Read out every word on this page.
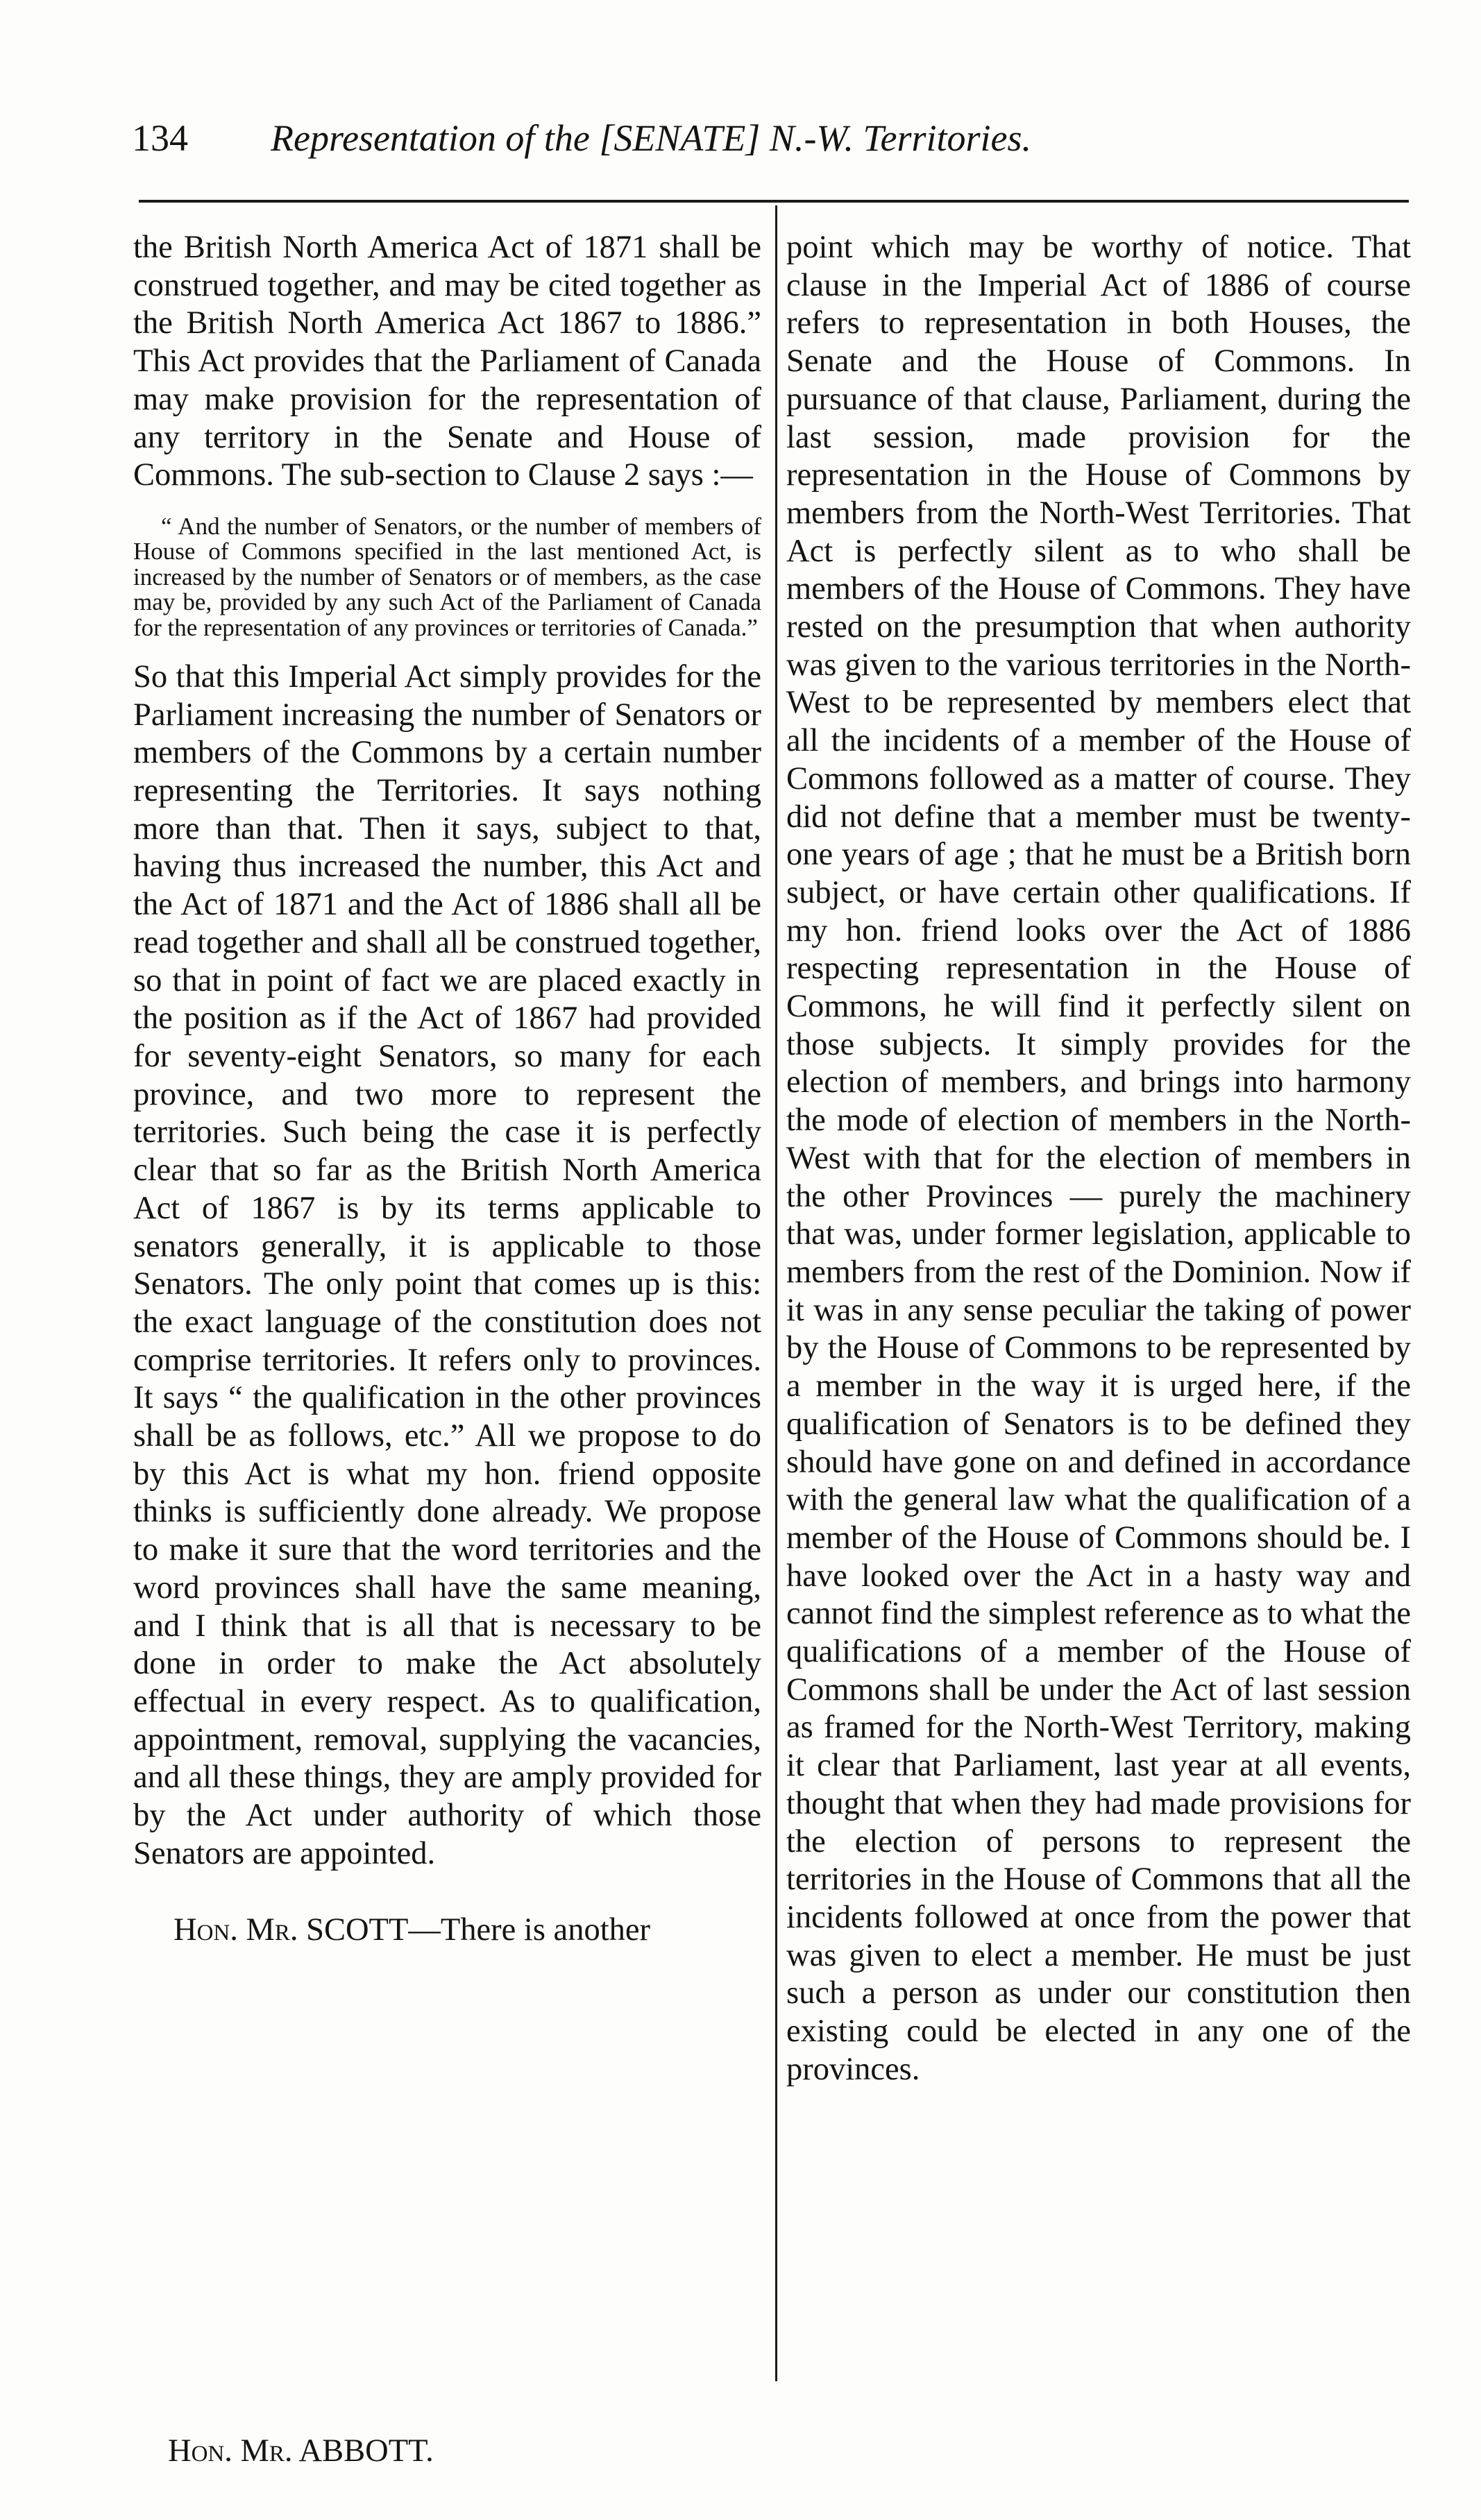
134 Representation of the [SENATE] N.-W. Territories.

the British North America Act of 1871 shall be construed together, and may be cited together as the British North America Act 1867 to 1886.” This Act provides that the Parliament of Canada may make provision for the representation of any territory in the Senate and House of Commons. The sub-section to Clause 2 says :—

“ And the number of Senators, or the number of members of House of Commons specified in the last mentioned Act, is increased by the number of Senators or of members, as the case may be, provided by any such Act of the Parliament of Canada for the representation of any provinces or territories of Canada.”

So that this Imperial Act simply provides for the Parliament increasing the number of Senators or members of the Commons by a certain number representing the Territories. It says nothing more than that. Then it says, subject to that, having thus increased the number, this Act and the Act of 1871 and the Act of 1886 shall all be read together and shall all be construed together, so that in point of fact we are placed exactly in the position as if the Act of 1867 had provided for seventy-eight Senators, so many for each province, and two more to represent the territories. Such being the case it is perfectly clear that so far as the British North America Act of 1867 is by its terms applicable to senators generally, it is applicable to those Senators. The only point that comes up is this: the exact language of the constitution does not comprise territories. It refers only to provinces. It says “ the qualification in the other provinces shall be as follows, etc.” All we propose to do by this Act is what my hon. friend opposite thinks is sufficiently done already. We propose to make it sure that the word territories and the word provinces shall have the same meaning, and I think that is all that is necessary to be done in order to make the Act absolutely effectual in every respect. As to qualification, appointment, removal, supplying the vacancies, and all these things, they are amply provided for by the Act under authority of which those Senators are appointed.

Hon. Mr. SCOTT—There is another

point which may be worthy of notice. That clause in the Imperial Act of 1886 of course refers to representation in both Houses, the Senate and the House of Commons. In pursuance of that clause, Parliament, during the last session, made provision for the representation in the House of Commons by members from the North-West Territories. That Act is perfectly silent as to who shall be members of the House of Commons. They have rested on the presumption that when authority was given to the various territories in the North-West to be represented by members elect that all the incidents of a member of the House of Commons followed as a matter of course. They did not define that a member must be twenty-one years of age ; that he must be a British born subject, or have certain other qualifications. If my hon. friend looks over the Act of 1886 respecting representation in the House of Commons, he will find it perfectly silent on those subjects. It simply provides for the election of members, and brings into harmony the mode of election of members in the North-West with that for the election of members in the other Provinces — purely the machinery that was, under former legislation, applicable to members from the rest of the Dominion. Now if it was in any sense peculiar the taking of power by the House of Commons to be represented by a member in the way it is urged here, if the qualification of Senators is to be defined they should have gone on and defined in accordance with the general law what the qualification of a member of the House of Commons should be. I have looked over the Act in a hasty way and cannot find the simplest reference as to what the qualifications of a member of the House of Commons shall be under the Act of last session as framed for the North-West Territory, making it clear that Parliament, last year at all events, thought that when they had made provisions for the election of persons to represent the territories in the House of Commons that all the incidents followed at once from the power that was given to elect a member. He must be just such a person as under our constitution then existing could be elected in any one of the provinces.

Hon. Mr. ABBOTT.
